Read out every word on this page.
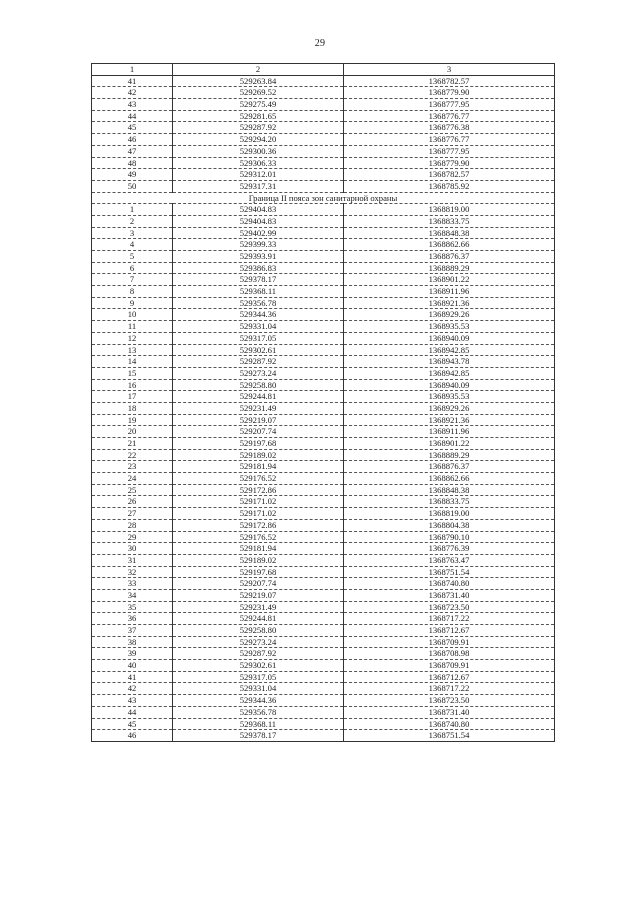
29
1	2	3
41	529263.84	1368782.57
42	529269.52	1368779.90
43	529275.49	1368777.95
44	529281.65	1368776.77
45	529287.92	1368776.38
46	529294.20	1368776.77
47	529300.36	1368777.95
48	529306.33	1368779.90
49	529312.01	1368782.57
50	529317.31	1368785.92
Граница II пояса зон санитарной охраны		
1	529404.83	1368819.00
2	529404.83	1368833.75
3	529402.99	1368848.38
4	529399.33	1368862.66
5	529393.91	1368876.37
6	529386.83	1368889.29
7	529378.17	1368901.22
8	529368.11	1368911.96
9	529356.78	1368921.36
10	529344.36	1368929.26
11	529331.04	1368935.53
12	529317.05	1368940.09
13	529302.61	1368942.85
14	529287.92	1368943.78
15	529273.24	1368942.85
16	529258.80	1368940.09
17	529244.81	1368935.53
18	529231.49	1368929.26
19	529219.07	1368921.36
20	529207.74	1368911.96
21	529197.68	1368901.22
22	529189.02	1368889.29
23	529181.94	1368876.37
24	529176.52	1368862.66
25	529172.86	1368848.38
26	529171.02	1368833.75
27	529171.02	1368819.00
28	529172.86	1368804.38
29	529176.52	1368790.10
30	529181.94	1368776.39
31	529189.02	1368763.47
32	529197.68	1368751.54
33	529207.74	1368740.80
34	529219.07	1368731.40
35	529231.49	1368723.50
36	529244.81	1368717.22
37	529258.80	1368712.67
38	529273.24	1368709.91
39	529287.92	1368708.98
40	529302.61	1368709.91
41	529317.05	1368712.67
42	529331.04	1368717.22
43	529344.36	1368723.50
44	529356.78	1368731.40
45	529368.11	1368740.80
46	529378.17	1368751.54
